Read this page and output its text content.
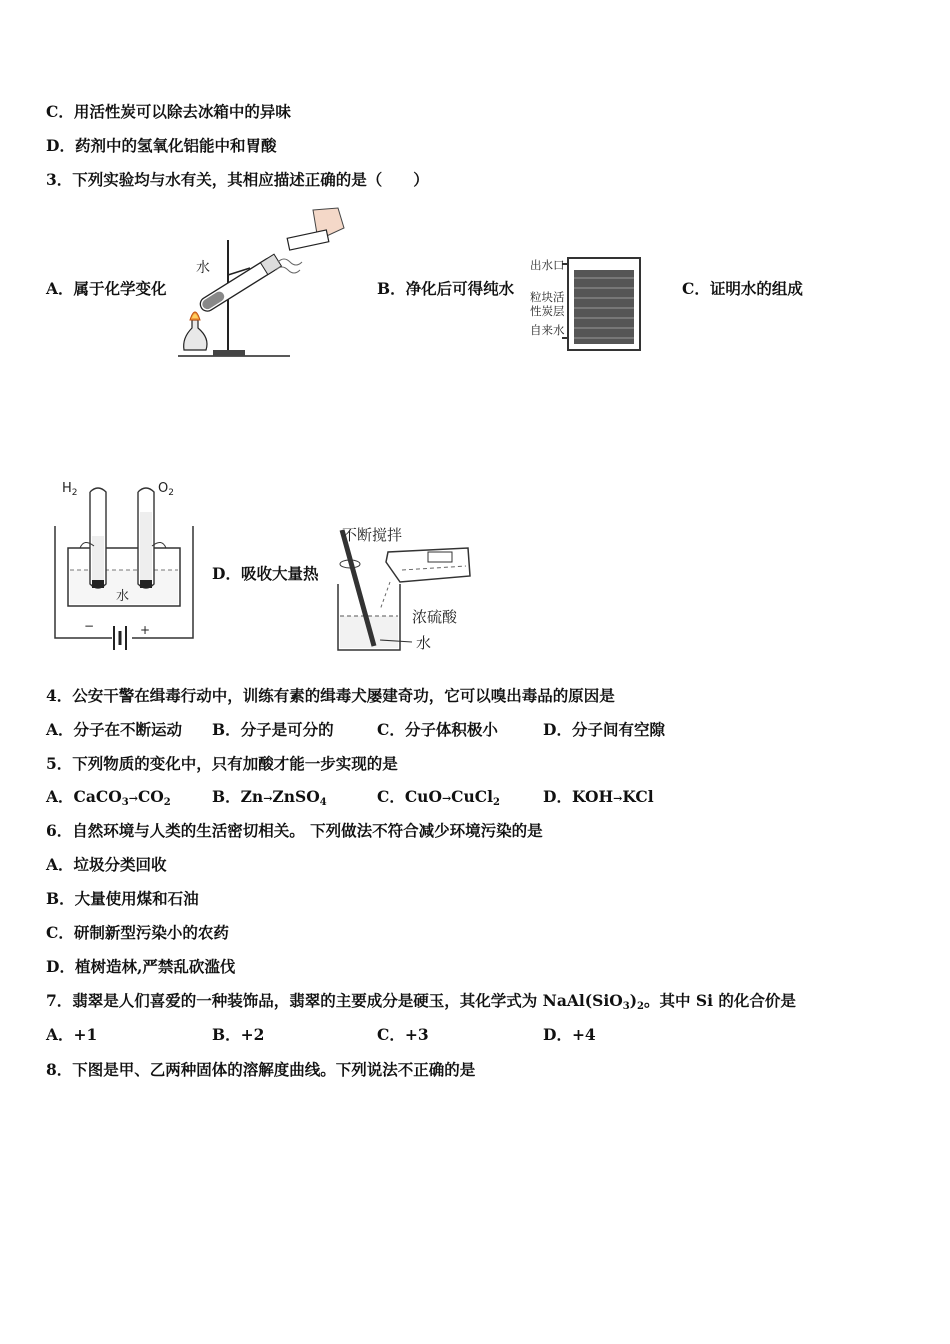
C．用活性炭可以除去冰箱中的异味
D．药剂中的氢氧化铝能中和胃酸
3．下列实验均与水有关，其相应描述正确的是（　　）
A．属于化学变化
水
B．净化后可得纯水
出水口
粒块活
性炭层
自来水
C．证明水的组成
−	+
水
$H_2$	$O_2$
D．吸收大量热
不断搅拌
浓硫酸
水
4．公安干警在缉毒行动中，训练有素的缉毒犬屡建奇功，它可以嗅出毒品的原因是
A．分子在不断运动 B．分子是可分的	C．分子体积极小	D．分子间有空隙
5．下列物质的变化中，只有加酸才能一步实现的是
A．$CaCO_3\to CO_2$	B．Zn→ZnSO$_4$	C．CuO→CuCl$_2$	D．KOH→KCl
6．自然环境与人类的生活密切相关。 下列做法不符合减少环境污染的是
A．垃圾分类回收
B．大量使用煤和石油
C．研制新型污染小的农药
D．植树造林,严禁乱砍滥伐
7．翡翠是人们喜爱的一种装饰品，翡翠的主要成分是硬玉，其化学式为 $NaAl(SiO_3)_2$。其中 Si 的化合价是
A．+1	B．+2	C．+3	D．+4
8．下图是甲、乙两种固体的溶解度曲线。下列说法不正确的是
